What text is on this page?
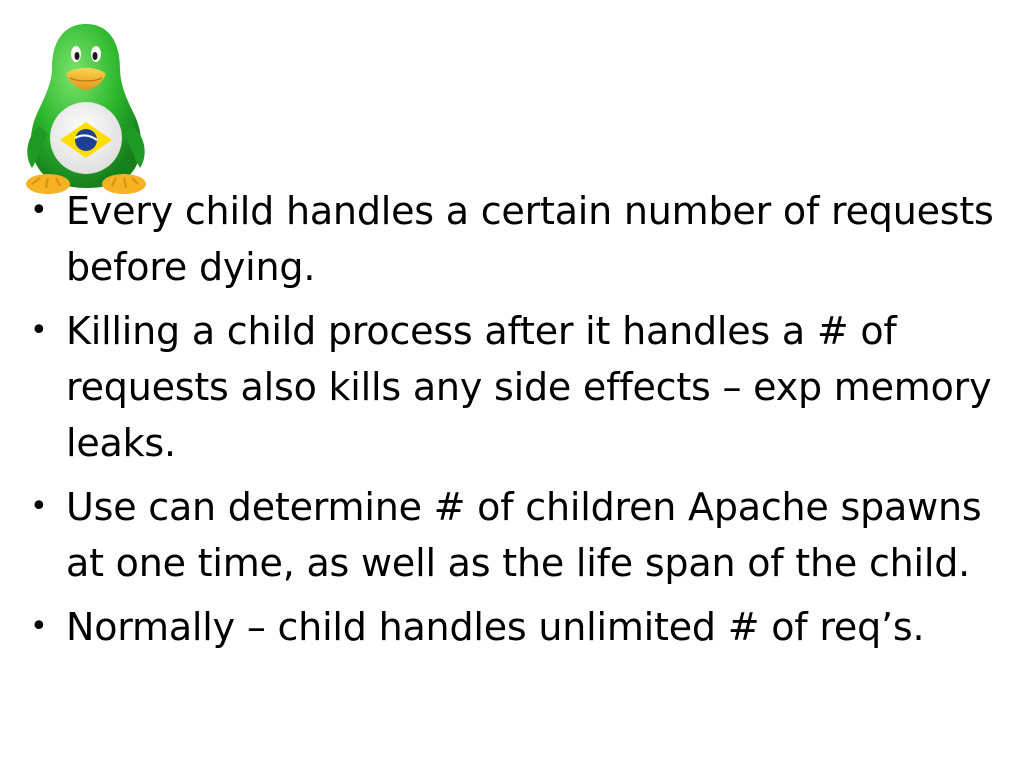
• Every child handles a certain number of requests before dying.
• Killing a child process after it handles a # of requests also kills any side effects – exp memory leaks.
• Use can determine # of children Apache spawns at one time, as well as the life span of the child.
• Normally – child handles unlimited # of req’s.
